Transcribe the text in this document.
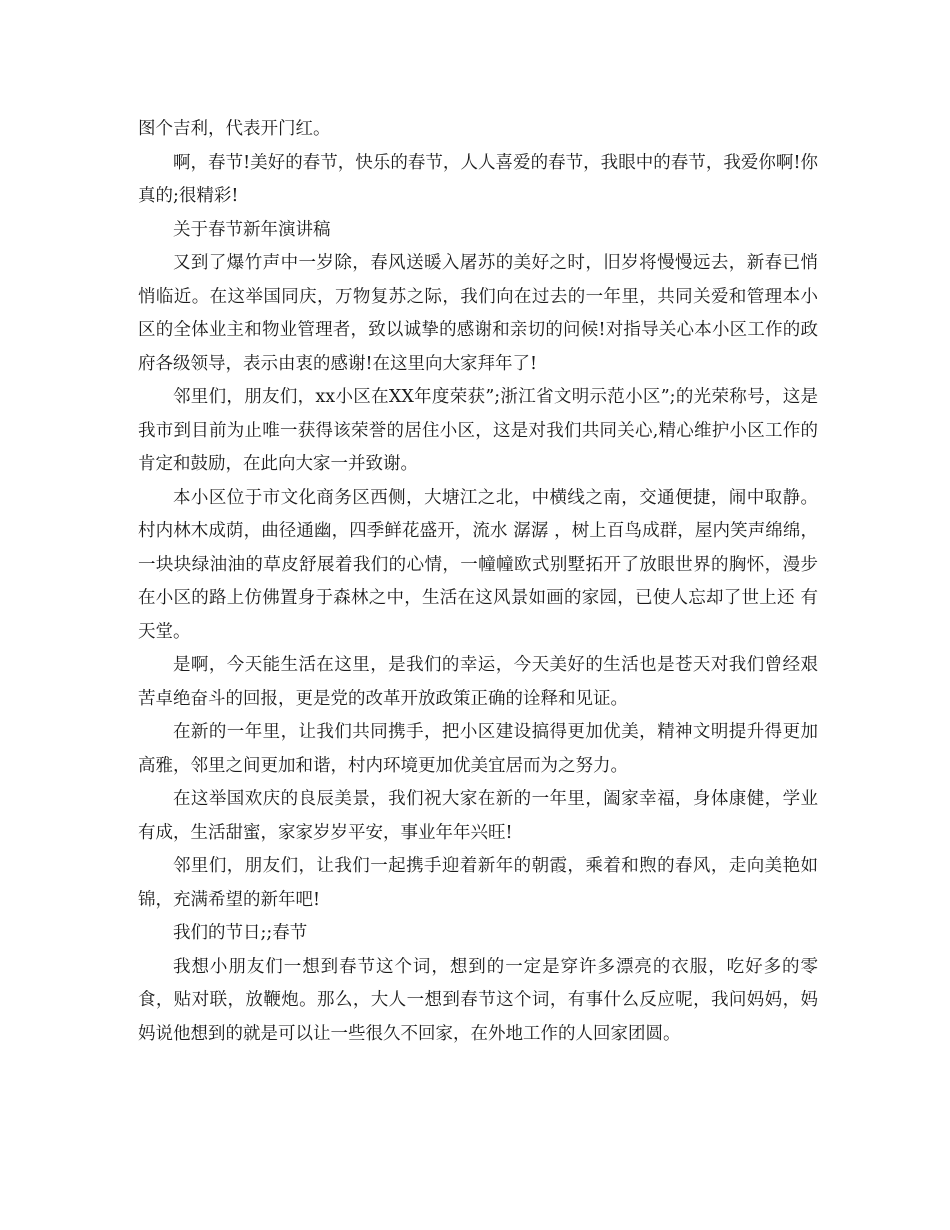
图个吉利，代表开门红。

啊，春节!美好的春节，快乐的春节，人人喜爱的春节，我眼中的春节，我爱你啊!你真的;很精彩!

关于春节新年演讲稿

又到了爆竹声中一岁除，春风送暖入屠苏的美好之时，旧岁将慢慢远去，新春已悄悄临近。在这举国同庆，万物复苏之际，我们向在过去的一年里，共同关爱和管理本小区的全体业主和物业管理者，致以诚挚的感谢和亲切的问候!对指导关心本小区工作的政府各级领导，表示由衷的感谢!在这里向大家拜年了!

邻里们，朋友们，xx小区在XX年度荣获”;浙江省文明示范小区”;的光荣称号，这是我市到目前为止唯一获得该荣誉的居住小区，这是对我们共同关心,精心维护小区工作的肯定和鼓励，在此向大家一并致谢。

本小区位于市文化商务区西侧，大塘江之北，中横线之南，交通便捷，闹中取静。村内林木成荫，曲径通幽，四季鲜花盛开，流水 潺潺 ，树上百鸟成群，屋内笑声绵绵，一块块绿油油的草皮舒展着我们的心情，一幢幢欧式别墅拓开了放眼世界的胸怀，漫步在小区的路上仿佛置身于森林之中，生活在这风景如画的家园，已使人忘却了世上还 有 天堂。

是啊，今天能生活在这里，是我们的幸运，今天美好的生活也是苍天对我们曾经艰苦卓绝奋斗的回报，更是党的改革开放政策正确的诠释和见证。

在新的一年里，让我们共同携手，把小区建设搞得更加优美，精神文明提升得更加高雅，邻里之间更加和谐，村内环境更加优美宜居而为之努力。

在这举国欢庆的良辰美景，我们祝大家在新的一年里，阖家幸福，身体康健，学业有成，生活甜蜜，家家岁岁平安，事业年年兴旺!

邻里们，朋友们，让我们一起携手迎着新年的朝霞，乘着和煦的春风，走向美艳如锦，充满希望的新年吧!

我们的节日;;春节

我想小朋友们一想到春节这个词，想到的一定是穿许多漂亮的衣服，吃好多的零食，贴对联，放鞭炮。那么，大人一想到春节这个词，有事什么反应呢，我问妈妈，妈妈说他想到的就是可以让一些很久不回家，在外地工作的人回家团圆。
